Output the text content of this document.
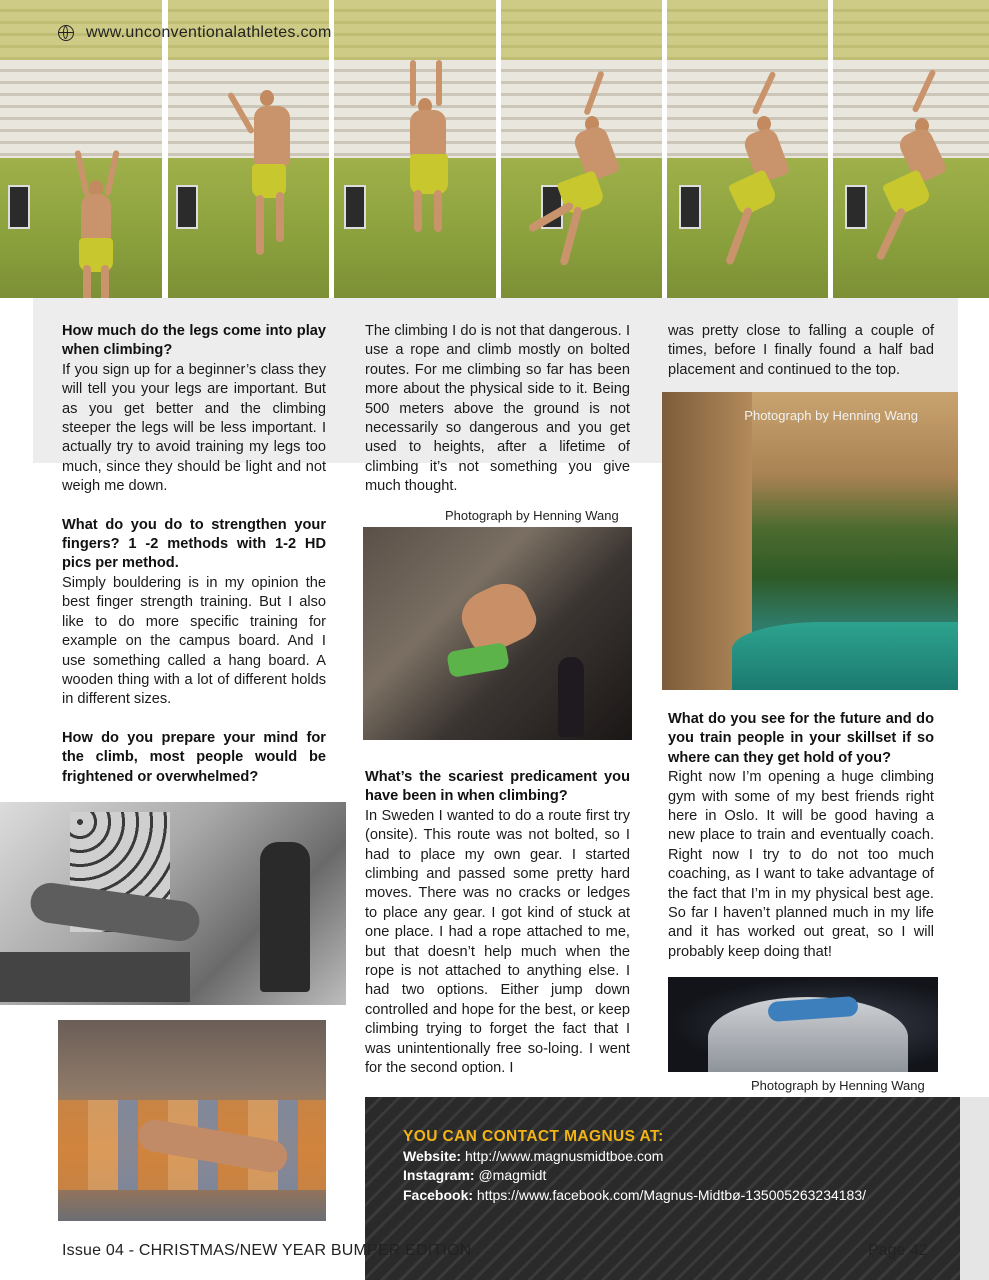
www.unconventionalathletes.com

How much do the legs come into play when climbing?

If you sign up for a beginner’s class they will tell you your legs are important. But as you get better and the climbing steeper the legs will be less important. I actually try to avoid training my legs too much, since they should be light and not weigh me down.

What do you do to strengthen your fingers? 1 -2 methods with 1-2 HD pics per method.

Simply bouldering is in my opinion the best finger strength training. But I also like to do more specific training for example on the campus board. And I use something called a hang board. A wooden thing with a lot of different holds in different sizes.

How do you prepare your mind for the climb, most people would be frightened or overwhelmed?

The climbing I do is not that dangerous. I use a rope and climb mostly on bolted routes. For me climbing so far has been more about the physical side to it. Being 500 meters above the ground is not necessarily so dangerous and you get used to heights, after a lifetime of climbing it’s not something you give much thought.

Photograph by Henning Wang

What’s the scariest predicament you have been in when climbing?

In Sweden I wanted to do a route first try (onsite). This route was not bolted, so I had to place my own gear. I started climbing and passed some pretty hard moves. There was no cracks or ledges to place any gear. I got kind of stuck at one place. I had a rope attached to me, but that doesn’t help much when the rope is not attached to anything else. I had two options. Either jump down controlled and hope for the best, or keep climbing trying to forget the fact that I was unintentionally free so-loing. I went for the second option. I

was pretty close to falling a couple of times, before I finally found a half bad placement and continued to the top.

Photograph by Henning Wang

What do you see for the future and do you train people in your skillset if so where can they get hold of you?

Right now I’m opening a huge climbing gym with some of my best friends right here in Oslo. It will be good having a new place to train and eventually coach. Right now I try to do not too much coaching, as I want to take advantage of the fact that I’m in my physical best age. So far I haven’t planned much in my life and it has worked out great, so I will probably keep doing that!

Photograph by Henning Wang
YOU CAN CONTACT MAGNUS AT:
Website: http://www.magnusmidtboe.com
Instagram: @magmidt
Facebook: https://www.facebook.com/Magnus-Midtbø-135005263234183/
Issue 04 - CHRISTMAS/NEW YEAR BUMPER EDITION	Page 42
